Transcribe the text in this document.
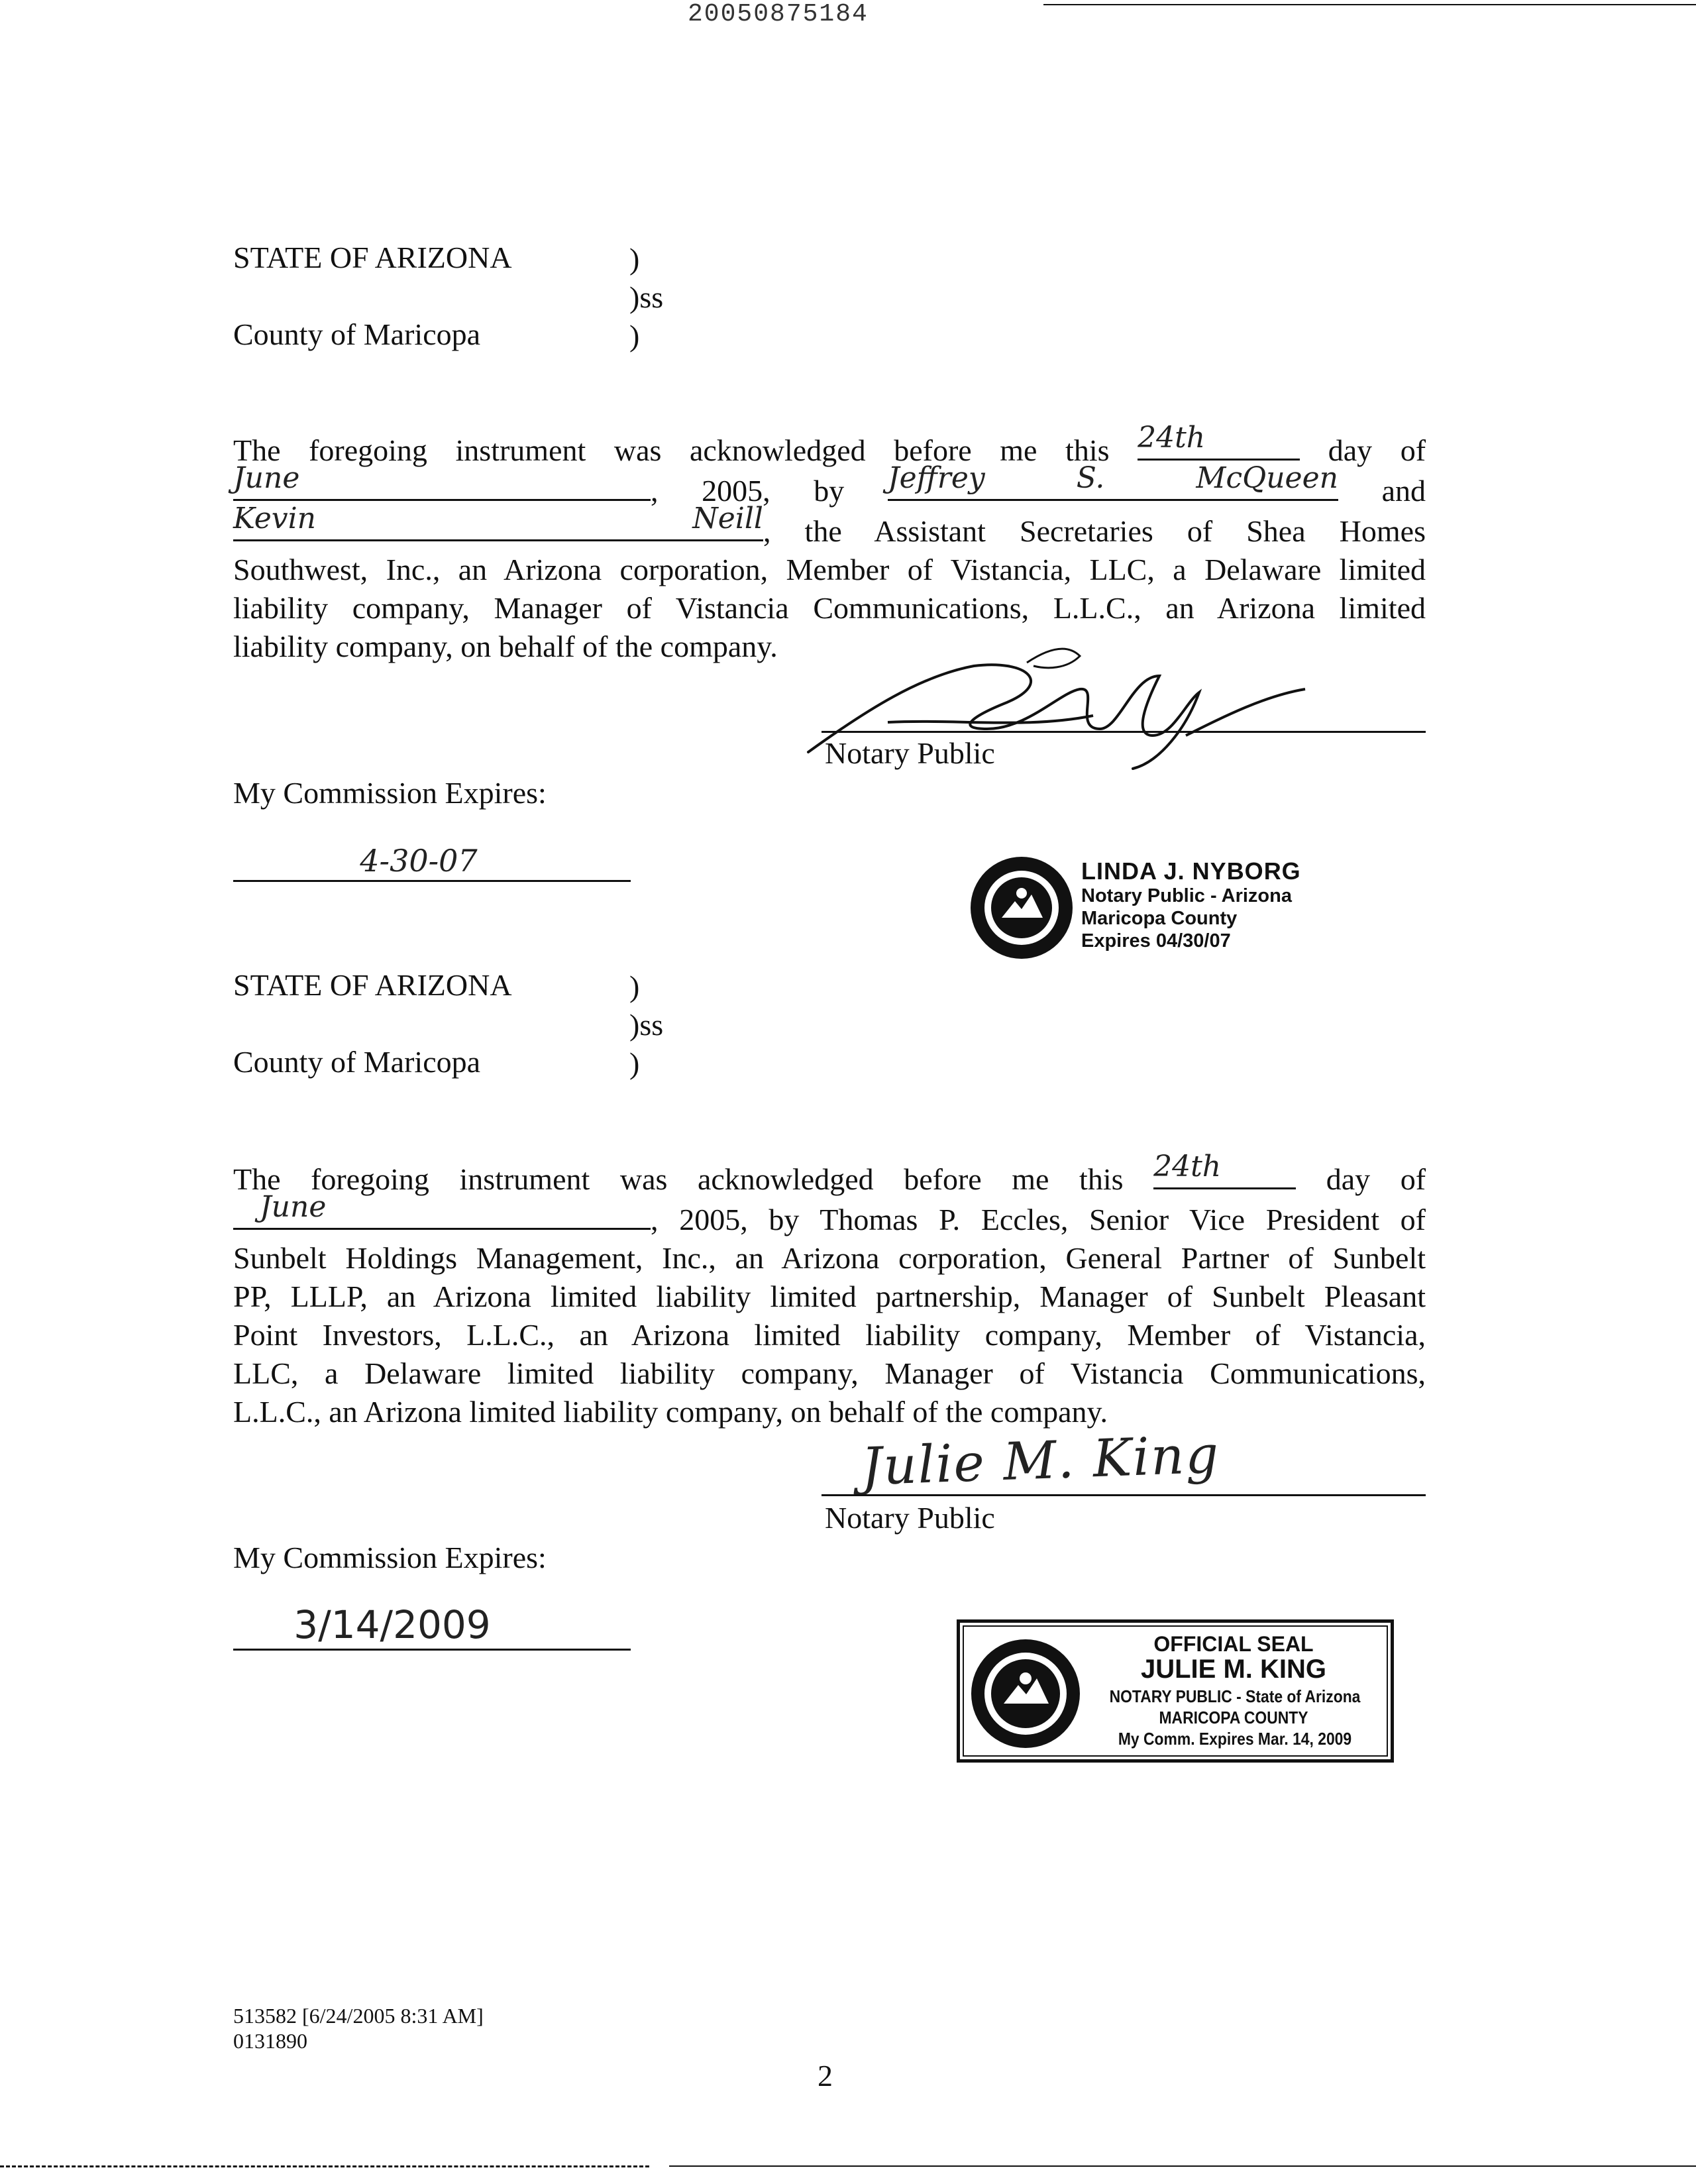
20050875184
STATE OF ARIZONA	)
)ss
County of Maricopa	)
The foregoing instrument was acknowledged before me this 24th	day of
June	, 2005, by Jeffrey S. McQueen and
Kevin Neill , the Assistant Secretaries of Shea Homes
Southwest, Inc., an Arizona corporation, Member of Vistancia, LLC, a Delaware limited
liability company, Manager of Vistancia Communications, L.L.C., an Arizona limited
liability company, on behalf of the company.
Notary Public
My Commission Expires:
4-30-07	LINDA J. NYBORG
Notary Public - Arizona
Maricopa County
Expires 04/30/07
STATE OF ARIZONA	)
)ss
County of Maricopa	)
The foregoing instrument was acknowledged before me this 24th	day of
June	, 2005, by Thomas P. Eccles, Senior Vice President of
Sunbelt Holdings Management, Inc., an Arizona corporation, General Partner of Sunbelt
PP, LLLP, an Arizona limited liability limited partnership, Manager of Sunbelt Pleasant
Point Investors, L.L.C., an Arizona limited liability company, Member of Vistancia,
LLC, a Delaware limited liability company, Manager of Vistancia Communications,
L.L.C., an Arizona limited liability company, on behalf of the company.
Julie M. King
Notary Public
My Commission Expires:
3/14/2009	OFFICIAL SEAL
JULIE M. KING
NOTARY PUBLIC - State of Arizona
MARICOPA COUNTY
My Comm. Expires Mar. 14, 2009
513582 [6/24/2005 8:31 AM]
0131890
2
